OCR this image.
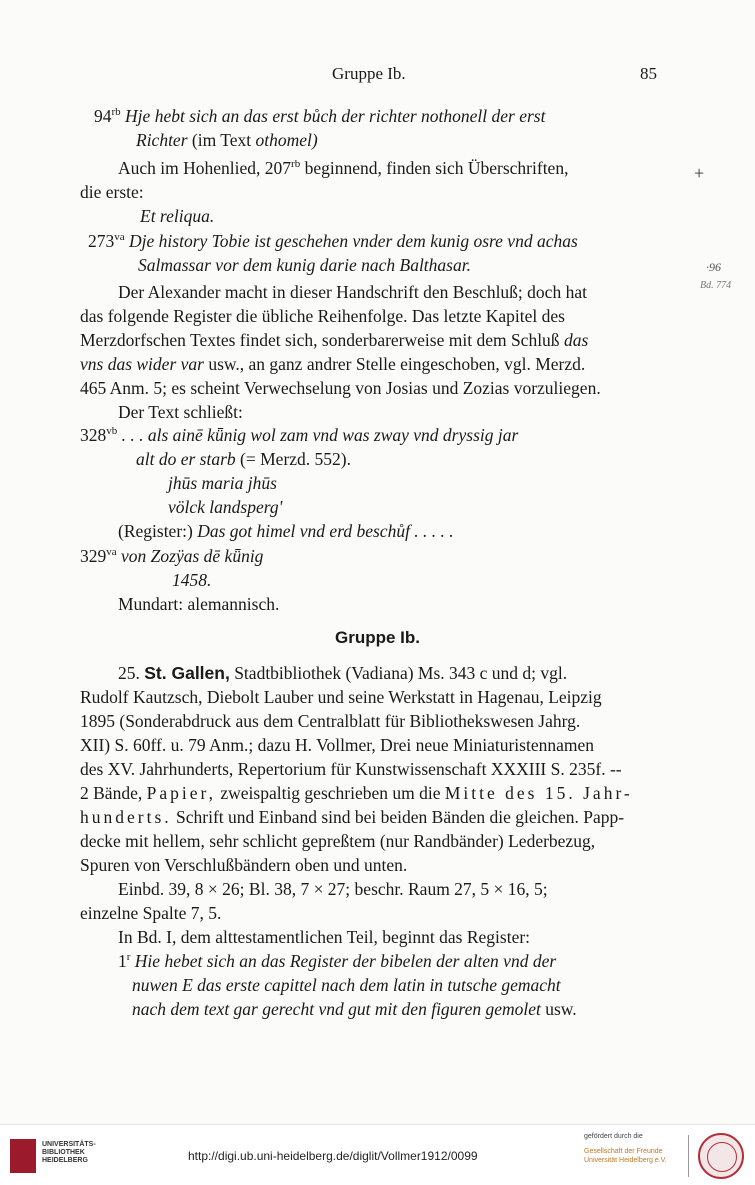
Gruppe Ib.	85
$94^{rb}$ Hje hebt sich an das erst bůch der richter nothonell der erst
Richter (im Text othomel)
Auch im Hohenlied, $207^{rb}$ beginnend, finden sich Überschriften,
die erste:
Et reliqua.
$273^{va}$ Dje history Tobie ist geschehen vnder dem kunig osre vnd achas
Salmassar vor dem kunig darie nach Balthasar.
Der Alexander macht in dieser Handschrift den Beschluß; doch hat
das folgende Register die übliche Reihenfolge. Das letzte Kapitel des
Merzdorfschen Textes findet sich, sonderbarerweise mit dem Schluß das
vns das wider var usw., an ganz andrer Stelle eingeschoben, vgl. Merzd.
465 Anm. 5; es scheint Verwechselung von Josias und Zozias vorzuliegen.
Der Text schließt:
$328^{vb}$ . . . als ainē kǖnig wol zam vnd was zway vnd dryssig jar
alt do er starb (= Merzd. 552).
jhūs maria jhūs
völck landsperg'
(Register:) Das got himel vnd erd beschůf . . . . .
$329^{va}$ von Zozÿas dē kǖnig
1458.
Mundart: alemannisch.
Gruppe Ib.
25. St. Gallen, Stadtbibliothek (Vadiana) Ms. 343 c und d; vgl.
Rudolf Kautzsch, Diebolt Lauber und seine Werkstatt in Hagenau, Leipzig
1895 (Sonderabdruck aus dem Centralblatt für Bibliothekswesen Jahrg.
XII) S. 60ff. u. 79 Anm.; dazu H. Vollmer, Drei neue Miniaturistennamen
des XV. Jahrhunderts, Repertorium für Kunstwissenschaft XXXIII S. 235f. --
2 Bände, Papier, zweispaltig geschrieben um die Mitte des 15. Jahr-
hunderts. Schrift und Einband sind bei beiden Bänden die gleichen. Papp-
decke mit hellem, sehr schlicht gepreßtem (nur Randbänder) Lederbezug,
Spuren von Verschlußbändern oben und unten.
Einbd. 39, 8 × 26; Bl. 38, 7 × 27; beschr. Raum 27, 5 × 16, 5;
einzelne Spalte 7, 5.
In Bd. I, dem alttestamentlichen Teil, beginnt das Register:
1$^r$ Hie hebet sich an das Register der bibelen der alten vnd der
nuwen E das erste capittel nach dem latin in tutsche gemacht
nach dem text gar gerecht vnd gut mit den figuren gemolet usw.
+
·96
Bd. 774
UNIVERSITÄTS-
BIBLIOTHEK
HEIDELBERG	http://digi.ub.uni-heidelberg.de/diglit/Vollmer1912/0099
gefördert durch die
Gesellschaft der Freunde
Universität Heidelberg e.V.
